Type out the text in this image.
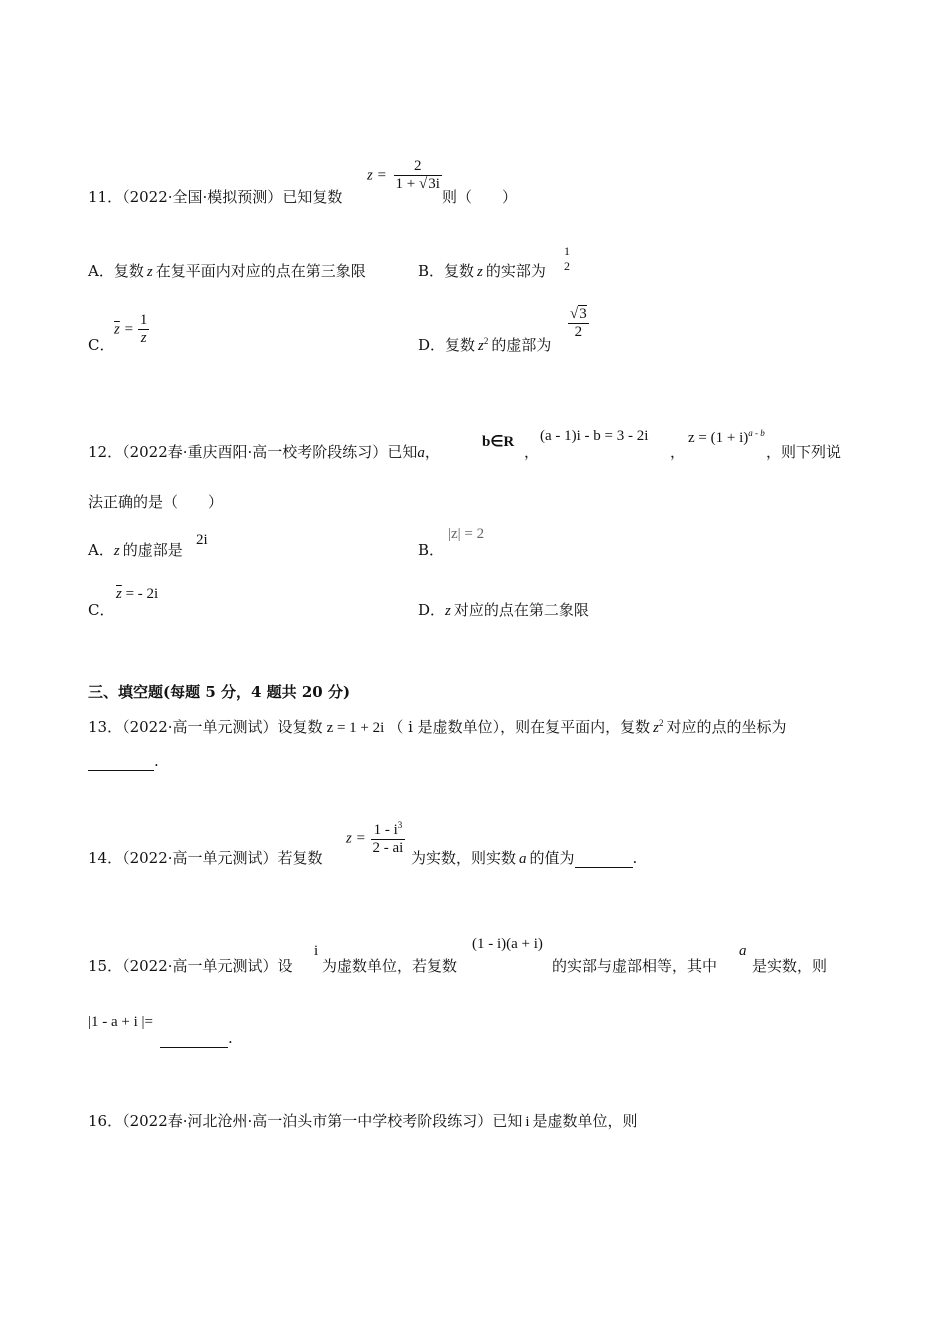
11．（2022·全国·模拟预测）已知复数
$z = \frac{2}{1 + √3i}$
则（　　）
A．复数 z 在复平面内对应的点在第三象限	B．复数 z 的实部为
1
2
C．
$\overline{z} = \frac{1}{z}$	D．复数 $z^2$ 的虚部为
$\frac{√3}{2}$
12．（2022春·重庆酉阳·高一校考阶段练习）已知a，
b∈R
，
(a - 1)i - b = 3 - 2i
，
$z = (1 + i)^{a - b}$
，则下列说
法正确的是（　　）
A．z 的虚部是
2i
B．
|z| = 2
C．
$\overline{z}$ = - 2i
D．z 对应的点在第二象限
三、填空题(每题 5 分，4 题共 20 分)
13．（2022·高一单元测试）设复数 z = 1 + 2i （ i 是虚数单位），则在复平面内，复数 $z^2$ 对应的点的坐标为
.
14．（2022·高一单元测试）若复数
$z = \frac{1 - i^3}{2 - ai}$
为实数，则实数 a 的值为	.
15．（2022·高一单元测试）设
i
为虚数单位，若复数
(1 - i)(a + i)
的实部与虚部相等，其中
a
是实数，则
|1 - a + i |=
.
16．（2022春·河北沧州·高一泊头市第一中学校考阶段练习）已知 i 是虚数单位，则
